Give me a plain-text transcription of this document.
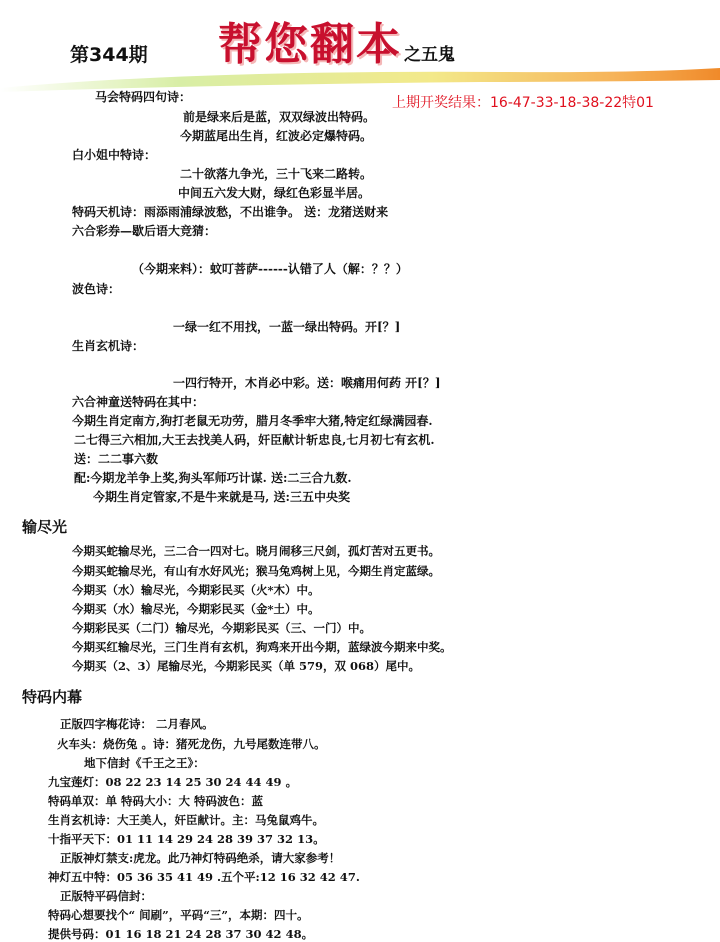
第344期 帮您翻本 之五鬼
上期开奖结果：16-47-33-18-38-22特01
马会特码四句诗：
前是绿来后是蓝，双双绿波出特码。
今期蓝尾出生肖，红波必定爆特码。
白小姐中特诗：
二十欲落九争光，三十飞来二路转。
中间五六发大财，绿红色彩显半居。
特码天机诗：雨添雨浦绿波愁，不出谁争。 送：龙猪送财来
六合彩券—歇后语大竞猜：
（今期来料）：蚊叮菩萨------认错了人（解：？？）
波色诗：
一绿一红不用找，一蓝一绿出特码。开[？]
生肖玄机诗：
一四行特开，木肖必中彩。送：喉痛用何药 开[？]
六合神童送特码在其中：
今期生肖定南方,狗打老鼠无功劳，腊月冬季牢大猪,特定红绿满园春.
二七得三六相加,大王去找美人码，奸臣献计斩忠良,七月初七有玄机.
送：二二事六数
配:今期龙羊争上奖,狗头军师巧计谋. 送:二三合九数.
今期生肖定管家,不是牛来就是马, 送:三五中央奖
输尽光
今期买蛇输尽光，三二合一四对七。晓月闹移三尺剑，孤灯苦对五更书。
今期买蛇输尽光，有山有水好风光；猴马兔鸡树上见，今期生肖定蓝绿。
今期买（水）输尽光，今期彩民买（火*木）中。
今期买（水）输尽光，今期彩民买（金*土）中。
今期彩民买（二门）输尽光，今期彩民买（三、一门）中。
今期买红输尽光，三门生肖有玄机，狗鸡来开出今期，蓝绿波今期来中奖。
今期买（2、3）尾输尽光，今期彩民买（单 579，双 068）尾中。
特码内幕
正版四字梅花诗： 二月春风。
火车头：烧伤兔 。诗：猪死龙伤，九号尾数连带八。
地下信封《千王之王》：
九宝莲灯：08 22 23 14 25 30 24 44 49 。
特码单双：单 特码大小：大 特码波色：蓝
生肖玄机诗：大王美人，奸臣献计。主：马兔鼠鸡牛。
十指平天下：01 11 14 29 24 28 39 37 32 13。
正版神灯禁支:虎龙。此乃神灯特码绝杀，请大家参考！
神灯五中特：05 36 35 41 49 .五个平:12 16 32 42 47.
正版特平码信封：
特码心想要找个“ 间刷”，平码“三”，本期：四十。
提供号码：01 16 18 21 24 28 37 30 42 48。
